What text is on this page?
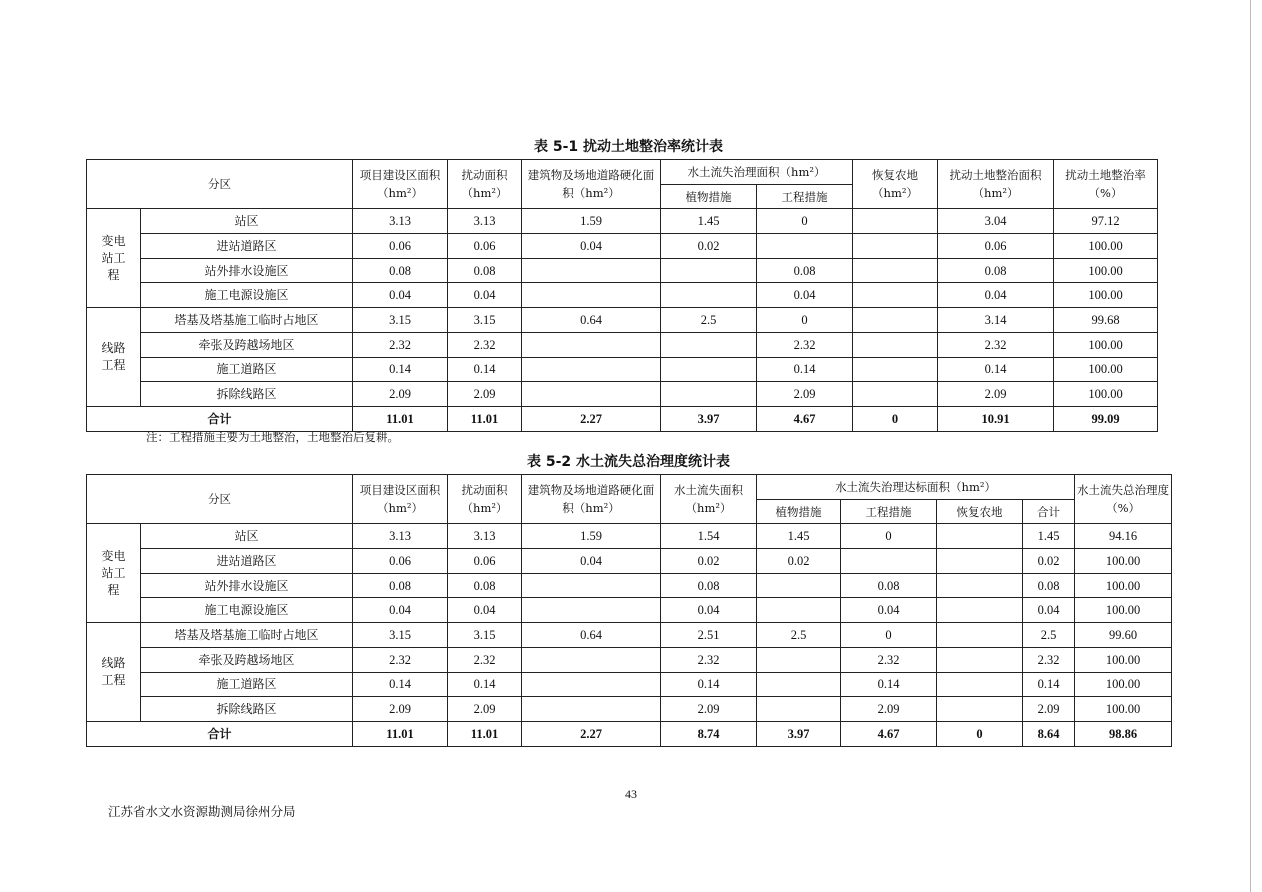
表 5-1 扰动土地整治率统计表
分区		项目建设区面积（hm²）	扰动面积（hm²）	建筑物及场地道路硬化面积（hm²）	水土流失治理面积（hm²）		恢复农地（hm²）	扰动土地整治面积（hm²）	扰动土地整治率（%）
					植物措施	工程措施			
变电站工程	站区	3.13	3.13	1.59	1.45	0		3.04	97.12
	进站道路区	0.06	0.06	0.04	0.02			0.06	100.00
	站外排水设施区	0.08	0.08			0.08		0.08	100.00
	施工电源设施区	0.04	0.04			0.04		0.04	100.00
线路工程	塔基及塔基施工临时占地区	3.15	3.15	0.64	2.5	0		3.14	99.68
	牵张及跨越场地区	2.32	2.32			2.32		2.32	100.00
	施工道路区	0.14	0.14			0.14		0.14	100.00
	拆除线路区	2.09	2.09			2.09		2.09	100.00
合计		11.01	11.01	2.27	3.97	4.67	0	10.91	99.09
注：工程措施主要为土地整治，土地整治后复耕。
表 5-2 水土流失总治理度统计表
分区		项目建设区面积（hm²）	扰动面积（hm²）	建筑物及场地道路硬化面积（hm²）	水土流失面积（hm²）	水土流失治理达标面积（hm²）				水土流失总治理度（%）
						植物措施	工程措施	恢复农地	合计	
变电站工程	站区	3.13	3.13	1.59	1.54	1.45	0		1.45	94.16
	进站道路区	0.06	0.06	0.04	0.02	0.02			0.02	100.00
	站外排水设施区	0.08	0.08		0.08		0.08		0.08	100.00
	施工电源设施区	0.04	0.04		0.04		0.04		0.04	100.00
线路工程	塔基及塔基施工临时占地区	3.15	3.15	0.64	2.51	2.5	0		2.5	99.60
	牵张及跨越场地区	2.32	2.32		2.32		2.32		2.32	100.00
	施工道路区	0.14	0.14		0.14		0.14		0.14	100.00
	拆除线路区	2.09	2.09		2.09		2.09		2.09	100.00
合计		11.01	11.01	2.27	8.74	3.97	4.67	0	8.64	98.86
43
江苏省水文水资源勘测局徐州分局
